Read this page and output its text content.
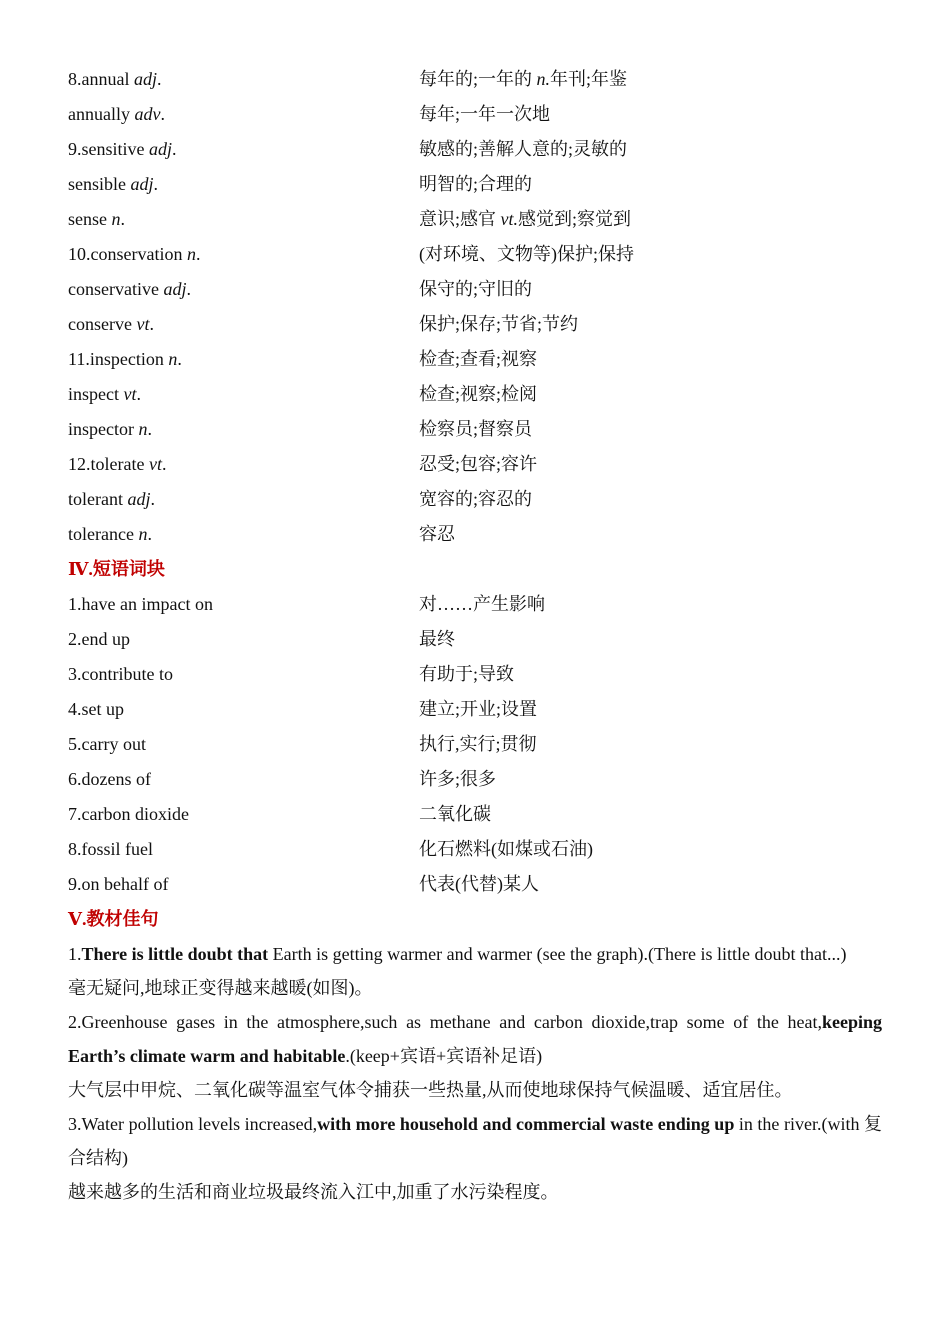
8.annual adj.	每年的;一年的 n.年刊;年鉴
annually adv.	每年;一年一次地
9.sensitive adj.	敏感的;善解人意的;灵敏的
sensible adj.	明智的;合理的
sense n.	意识;感官 vt.感觉到;察觉到
10.conservation n.	(对环境、文物等)保护;保持
conservative adj.	保守的;守旧的
conserve vt.	保护;保存;节省;节约
11.inspection n.	检查;查看;视察
inspect vt.	检查;视察;检阅
inspector n.	检察员;督察员
12.tolerate vt.	忍受;包容;容许
tolerant adj.	宽容的;容忍的
tolerance n.	容忍
Ⅳ.短语词块
1.have an impact on	对……产生影响
2.end up	最终
3.contribute to	有助于;导致
4.set up	建立;开业;设置
5.carry out	执行,实行;贯彻
6.dozens of	许多;很多
7.carbon dioxide	二氧化碳
8.fossil fuel	化石燃料(如煤或石油)
9.on behalf of	代表(代替)某人
Ⅴ.教材佳句
1.There is little doubt that Earth is getting warmer and warmer (see the graph).(There is little doubt that...)
毫无疑问,地球正变得越来越暖(如图)。
2.Greenhouse gases in the atmosphere,such as methane and carbon dioxide,trap some of the heat,keeping Earth’s climate warm and habitable.(keep+宾语+宾语补足语)
大气层中甲烷、二氧化碳等温室气体令捕获一些热量,从而使地球保持气候温暖、适宜居住。
3.Water pollution levels increased,with more household and commercial waste ending up in the river.(with 复合结构)
越来越多的生活和商业垃圾最终流入江中,加重了水污染程度。
